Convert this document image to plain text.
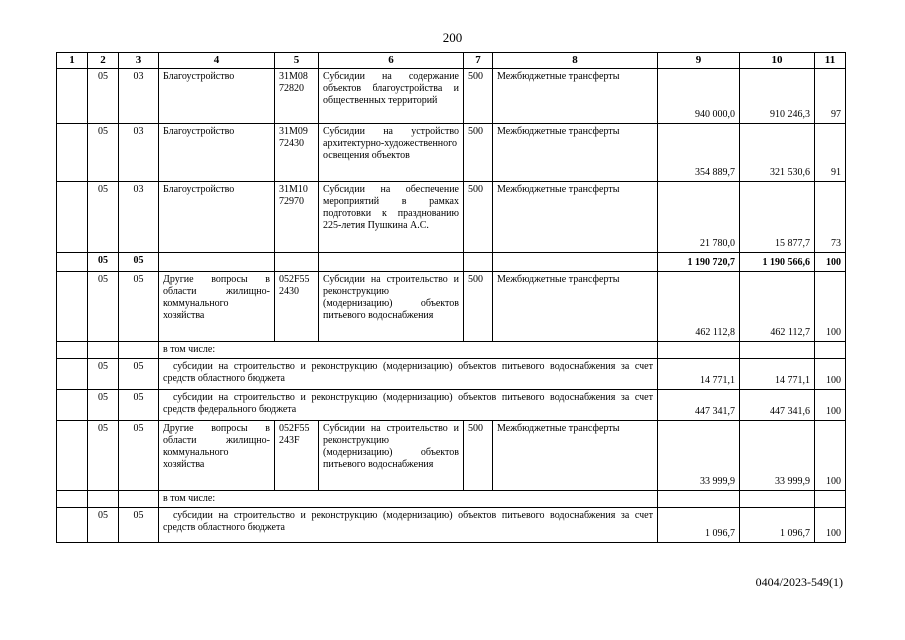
200
1	2	3	4	5	6	7	8	9	10	11
	05	03	Благоустройство	31М08 72820	Субсидии на содержание объектов благоустройства и общественных территорий	500	Межбюджетные трансферты	940 000,0	910 246,3	97
	05	03	Благоустройство	31М09 72430	Субсидии на устройство архитектурно-художественного освещения объектов	500	Межбюджетные трансферты	354 889,7	321 530,6	91
	05	03	Благоустройство	31М10 72970	Субсидии на обеспечение мероприятий в рамках подготовки к празднованию 225-летия Пушкина А.С.	500	Межбюджетные трансферты	21 780,0	15 877,7	73
	05	05						1 190 720,7	1 190 566,6	100
	05	05	Другие вопросы в области жилищно-коммунального хозяйства	052F55 2430	Субсидии на строительство и реконструкцию (модернизацию) объектов питьевого водоснабжения	500	Межбюджетные трансферты	462 112,8	462 112,7	100
			в том числе:							
	05	05	субсидии на строительство и реконструкцию (модернизацию) объектов питьевого водоснабжения за счет средств областного бюджета					14 771,1	14 771,1	100
	05	05	субсидии на строительство и реконструкцию (модернизацию) объектов питьевого водоснабжения за счет средств федерального бюджета					447 341,7	447 341,6	100
	05	05	Другие вопросы в области жилищно-коммунального хозяйства	052F55 243F	Субсидии на строительство и реконструкцию (модернизацию) объектов питьевого водоснабжения	500	Межбюджетные трансферты	33 999,9	33 999,9	100
			в том числе:							
	05	05	субсидии на строительство и реконструкцию (модернизацию) объектов питьевого водоснабжения за счет средств областного бюджета					1 096,7	1 096,7	100
0404/2023-549(1)
